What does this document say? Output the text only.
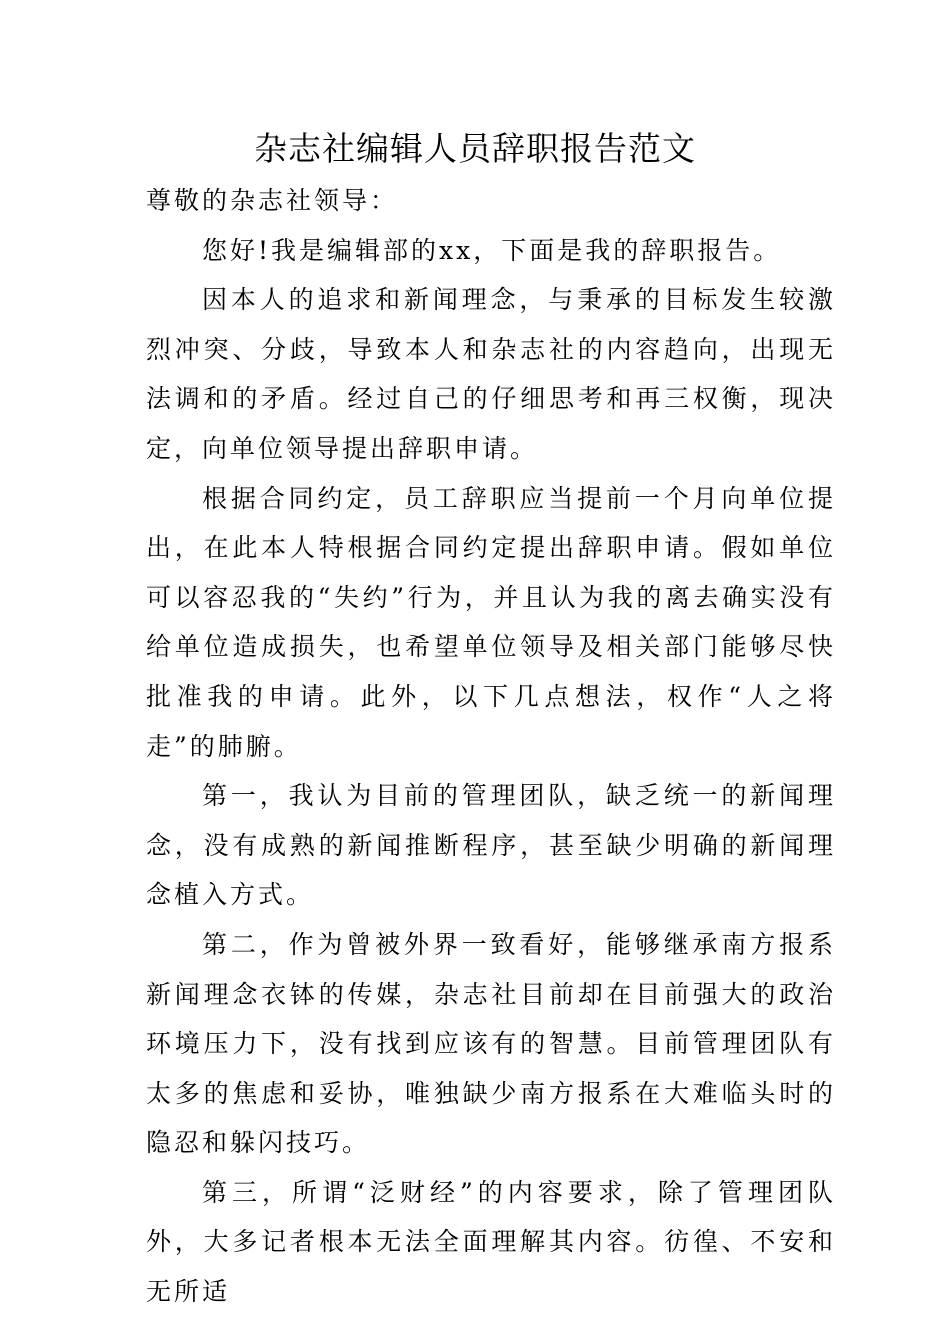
杂志社编辑人员辞职报告范文

尊敬的杂志社领导：

您好!我是编辑部的xx，下面是我的辞职报告。

因本人的追求和新闻理念，与秉承的目标发生较激烈冲突、分歧，导致本人和杂志社的内容趋向，出现无法调和的矛盾。经过自己的仔细思考和再三权衡，现决定，向单位领导提出辞职申请。

根据合同约定，员工辞职应当提前一个月向单位提出，在此本人特根据合同约定提出辞职申请。假如单位可以容忍我的“失约”行为，并且认为我的离去确实没有给单位造成损失，也希望单位领导及相关部门能够尽快批准我的申请。此外，以下几点想法，权作“人之将走”的肺腑。

第一，我认为目前的管理团队，缺乏统一的新闻理念，没有成熟的新闻推断程序，甚至缺少明确的新闻理念植入方式。

第二，作为曾被外界一致看好，能够继承南方报系新闻理念衣钵的传媒，杂志社目前却在目前强大的政治环境压力下，没有找到应该有的智慧。目前管理团队有太多的焦虑和妥协，唯独缺少南方报系在大难临头时的隐忍和躲闪技巧。

第三，所谓“泛财经”的内容要求，除了管理团队外，大多记者根本无法全面理解其内容。彷徨、不安和无所适
